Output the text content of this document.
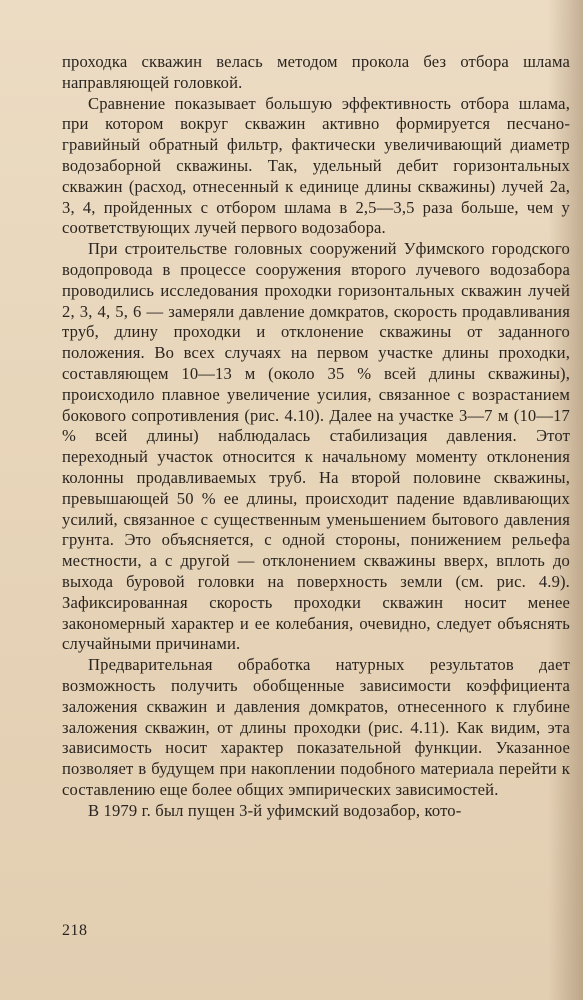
проходка скважин велась методом прокола без отбора шлама направляющей головкой.

Сравнение показывает большую эффективность отбора шлама, при котором вокруг скважин активно формируется песчано-гравийный обратный фильтр, фактически увеличивающий диаметр водозаборной скважины. Так, удельный дебит горизонтальных скважин (расход, отнесенный к единице длины скважины) лучей 2а, 3, 4, пройденных с отбором шлама в 2,5—3,5 раза больше, чем у соответствующих лучей первого водозабора.

При строительстве головных сооружений Уфимского городского водопровода в процессе сооружения второго лучевого водозабора проводились исследования проходки горизонтальных скважин лучей 2, 3, 4, 5, 6 — замеряли давление домкратов, скорость продавливания труб, длину проходки и отклонение скважины от заданного положения. Во всех случаях на первом участке длины проходки, составляющем 10—13 м (около 35 % всей длины скважины), происходило плавное увеличение усилия, связанное с возрастанием бокового сопротивления (рис. 4.10). Далее на участке 3—7 м (10—17 % всей длины) наблюдалась стабилизация давления. Этот переходный участок относится к начальному моменту отклонения колонны продавливаемых труб. На второй половине скважины, превышающей 50 % ее длины, происходит падение вдавливающих усилий, связанное с существенным уменьшением бытового давления грунта. Это объясняется, с одной стороны, понижением рельефа местности, а с другой — отклонением скважины вверх, вплоть до выхода буровой головки на поверхность земли (см. рис. 4.9). Зафиксированная скорость проходки скважин носит менее закономерный характер и ее колебания, очевидно, следует объяснять случайными причинами.

Предварительная обработка натурных результатов дает возможность получить обобщенные зависимости коэффициента заложения скважин и давления домкратов, отнесенного к глубине заложения скважин, от длины проходки (рис. 4.11). Как видим, эта зависимость носит характер показательной функции. Указанное позволяет в будущем при накоплении подобного материала перейти к составлению еще более общих эмпирических зависимостей.

В 1979 г. был пущен 3-й уфимский водозабор, кото-

218
